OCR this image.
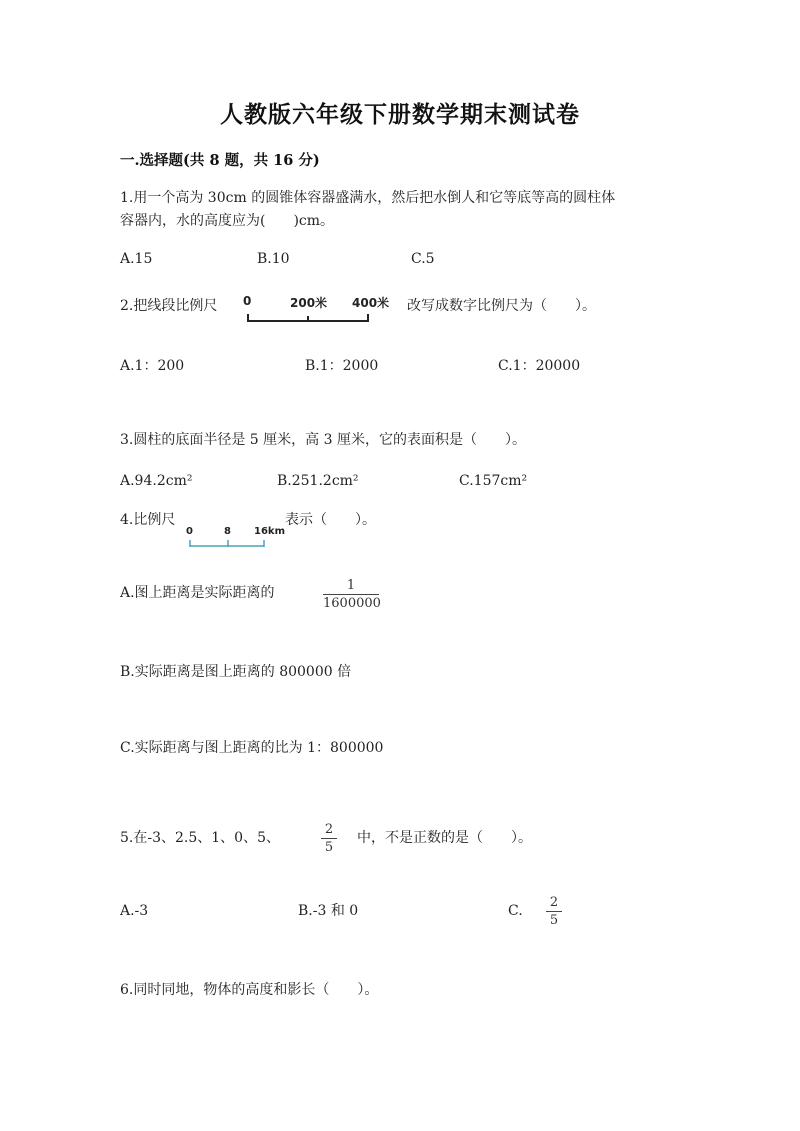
人教版六年级下册数学期末测试卷
一.选择题(共 8 题，共 16 分)
1.用一个高为 30cm 的圆锥体容器盛满水，然后把水倒人和它等底等高的圆柱体
容器内，水的高度应为(　　)cm。
A.15	B.10	C.5
2.把线段比例尺 0	200米 400米 改写成数字比例尺为（　　）。
A.1：200	B.1：2000	C.1：20000
3.圆柱的底面半径是 5 厘米，高 3 厘米，它的表面积是（　　）。
A.94.2cm²	B.251.2cm²	C.157cm²
4.比例尺
0	8 16km
表示（　　）。
A.图上距离是实际距离的	1
1600000
B.实际距离是图上距离的 800000 倍
C.实际距离与图上距离的比为 1：800000
5.在-3、2.5、1、0、5、
2
5
中，不是正数的是（　　）。
A.-3	B.-3 和 0	C.
2
5
6.同时同地，物体的高度和影长（　　）。
